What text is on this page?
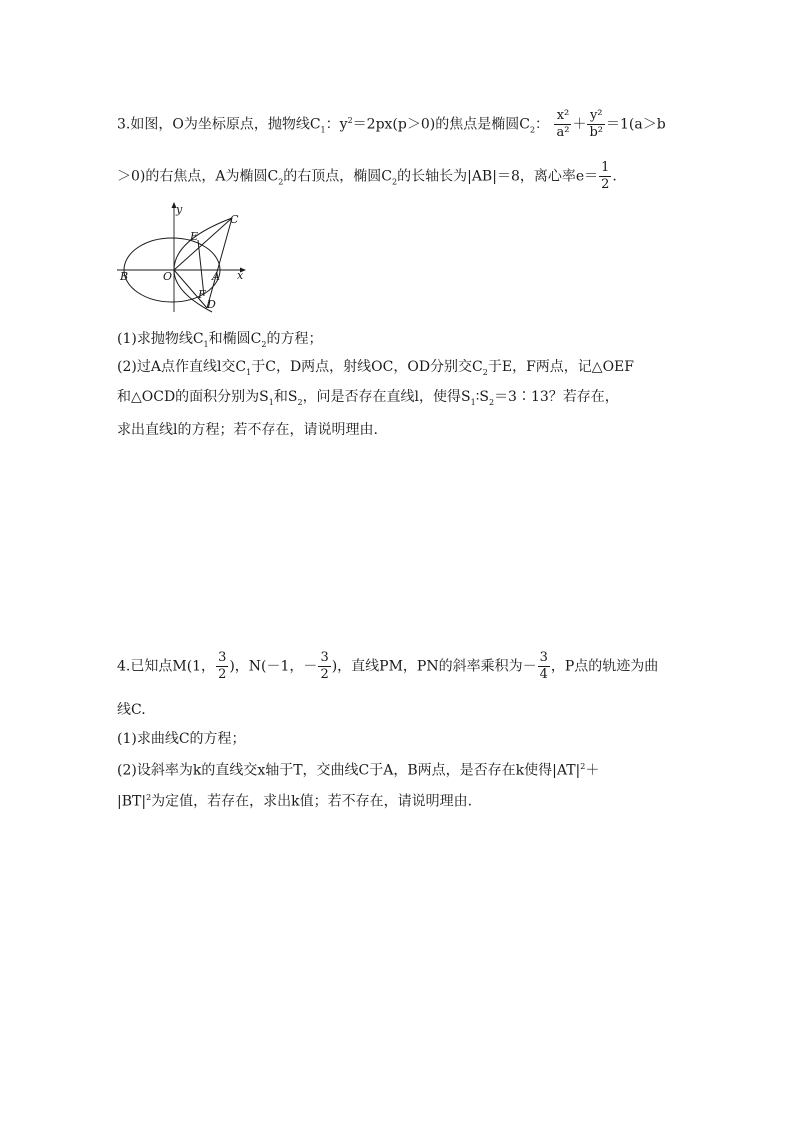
3.如图，O为坐标原点，抛物线$C_1$：$y^2=2px(p>0)$的焦点是椭圆$C_2$： $\frac{\text{x²}}{\text{a²}} + \frac{\text{y²}}{\text{b²}} =1(a>b$
＞0)的右焦点，A为椭圆$C_2$的右顶点，椭圆$C_2$的长轴长为|AB|＝8，离心率$e= \frac{1}{2}$ .
y
x
C
E
B	O	A
F
D
(1)求抛物线$C_1$和椭圆$C_2$的方程；
(2)过A点作直线l交$C_1$于C，D两点，射线OC，OD分别交$C_2$于E，F两点，记△OEF
和△OCD的面积分别为$S_1$和$S_2$，问是否存在直线l，使得$S_1∶S_2=3∶13$？若存在，
求出直线l的方程；若不存在，请说明理由.
4.已知点M(1， $\frac{3}{2}$ )，N(－1，－ $\frac{3}{2}$ )，直线PM，PN的斜率乘积为－ $\frac{3}{4}$ ，P点的轨迹为曲
线C.
(1)求曲线C的方程；
(2)设斜率为k的直线交x轴于T，交曲线C于A，B两点，是否存在k使得$|AT|^2+$
$|BT|^2$为定值，若存在，求出k值；若不存在，请说明理由.
